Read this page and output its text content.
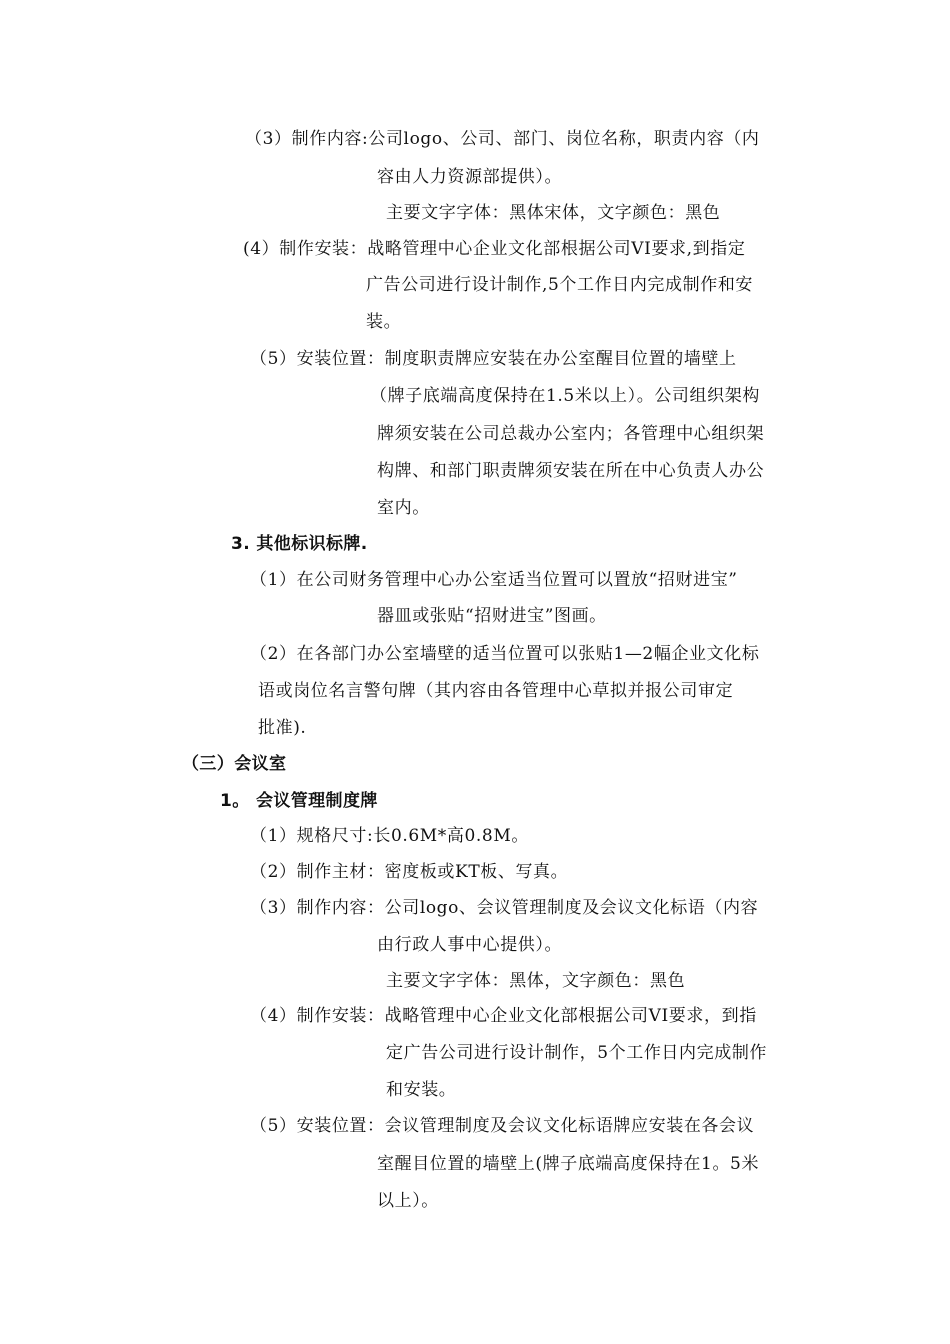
（3）制作内容:公司logo、公司、部门、岗位名称，职责内容（内
容由人力资源部提供）。
主要文字字体：黑体宋体，文字颜色：黑色
(4）制作安装：战略管理中心企业文化部根据公司VI要求,到指定
广告公司进行设计制作,5个工作日内完成制作和安
装。
（5）安装位置：制度职责牌应安装在办公室醒目位置的墙壁上
（牌子底端高度保持在1.5米以上）。公司组织架构
牌须安装在公司总裁办公室内；各管理中心组织架
构牌、和部门职责牌须安装在所在中心负责人办公
室内。
3. 其他标识标牌.
（1）在公司财务管理中心办公室适当位置可以置放“招财进宝”
器皿或张贴“招财进宝”图画。
（2）在各部门办公室墙壁的适当位置可以张贴1—2幅企业文化标
语或岗位名言警句牌（其内容由各管理中心草拟并报公司审定
批准).
（三）会议室
1。 会议管理制度牌
（1）规格尺寸:长0.6M*高0.8M。
（2）制作主材：密度板或KT板、写真。
（3）制作内容：公司logo、会议管理制度及会议文化标语（内容
由行政人事中心提供）。
主要文字字体：黑体，文字颜色：黑色
（4）制作安装：战略管理中心企业文化部根据公司VI要求，到指
定广告公司进行设计制作，5个工作日内完成制作
和安装。
（5）安装位置：会议管理制度及会议文化标语牌应安装在各会议
室醒目位置的墙壁上(牌子底端高度保持在1。5米
以上）。
